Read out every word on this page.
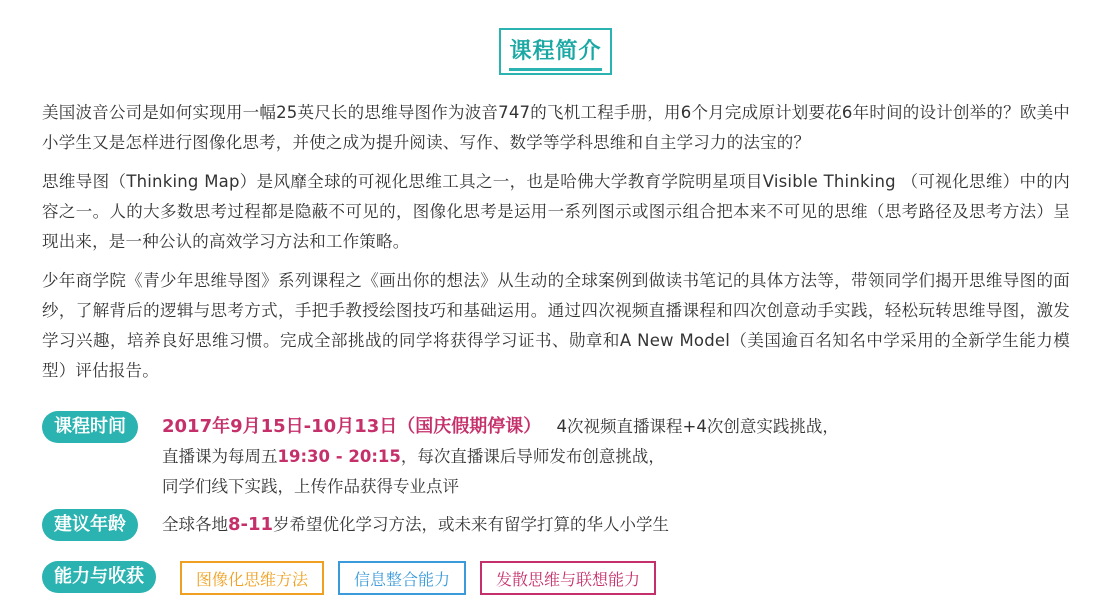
课程简介

美国波音公司是如何实现用一幅25英尺长的思维导图作为波音747的飞机工程手册，用6个月完成原计划要花6年时间的设计创举的？欧美中小学生又是怎样进行图像化思考，并使之成为提升阅读、写作、数学等学科思维和自主学习力的法宝的？

思维导图（Thinking Map）是风靡全球的可视化思维工具之一，也是哈佛大学教育学院明星项目Visible Thinking （可视化思维）中的内容之一。人的大多数思考过程都是隐蔽不可见的，图像化思考是运用一系列图示或图示组合把本来不可见的思维（思考路径及思考方法）呈现出来，是一种公认的高效学习方法和工作策略。

少年商学院《青少年思维导图》系列课程之《画出你的想法》从生动的全球案例到做读书笔记的具体方法等，带领同学们揭开思维导图的面纱，了解背后的逻辑与思考方式，手把手教授绘图技巧和基础运用。通过四次视频直播课程和四次创意动手实践，轻松玩转思维导图，激发学习兴趣，培养良好思维习惯。完成全部挑战的同学将获得学习证书、勋章和A New Model（美国逾百名知名中学采用的全新学生能力模型）评估报告。

课程时间	2017年9月15日-10月13日（国庆假期停课） 4次视频直播课程+4次创意实践挑战，
直播课为每周五19:30 - 20:15，每次直播课后导师发布创意挑战，
同学们线下实践，上传作品获得专业点评
建议年龄	全球各地8-11岁希望优化学习方法，或未来有留学打算的华人小学生
能力与收获	图像化思维方法	信息整合能力	发散思维与联想能力
